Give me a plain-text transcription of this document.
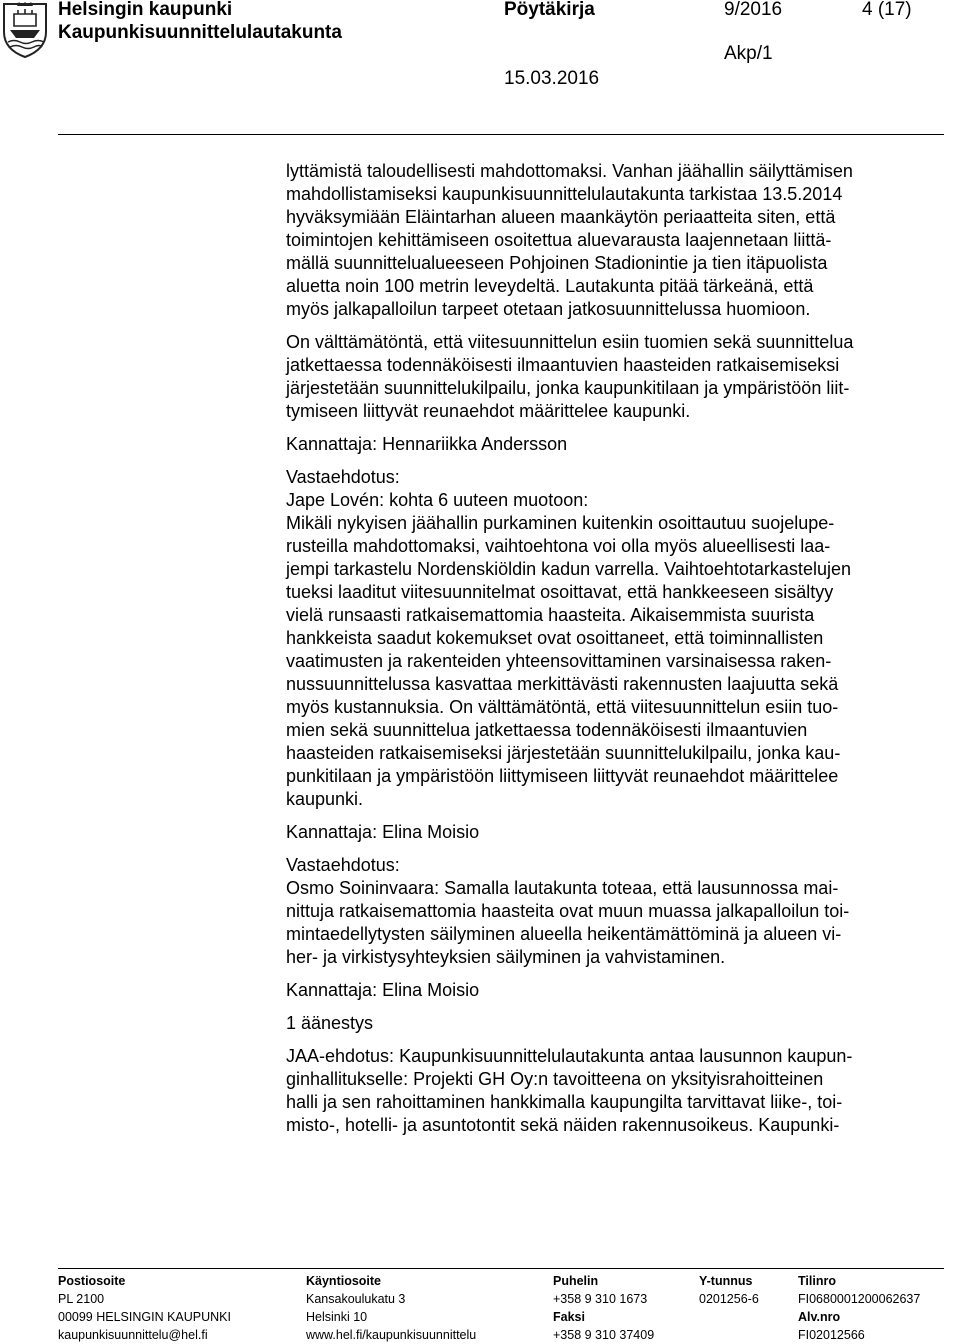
Helsingin kaupunki
Kaupunkisuunnittelulautakunta
Pöytäkirja	9/2016	4 (17)
Akp/1
15.03.2016

lyttämistä taloudellisesti mahdottomaksi. Vanhan jäähallin säilyttämisen
mahdollistamiseksi kaupunkisuunnittelulautakunta tarkistaa 13.5.2014
hyväksymiään Eläintarhan alueen maankäytön periaatteita siten, että
toimintojen kehittämiseen osoitettua aluevarausta laajennetaan liittä-
mällä suunnittelualueeseen Pohjoinen Stadionintie ja tien itäpuolista
aluetta noin 100 metrin leveydeltä. Lautakunta pitää tärkeänä, että
myös jalkapalloilun tarpeet otetaan jatkosuunnittelussa huomioon.

On välttämätöntä, että viitesuunnittelun esiin tuomien sekä suunnittelua
jatkettaessa todennäköisesti ilmaantuvien haasteiden ratkaisemiseksi
järjestetään suunnittelukilpailu, jonka kaupunkitilaan ja ympäristöön liit-
tymiseen liittyvät reunaehdot määrittelee kaupunki.

Kannattaja: Hennariikka Andersson

Vastaehdotus:
Jape Lovén: kohta 6 uuteen muotoon:
Mikäli nykyisen jäähallin purkaminen kuitenkin osoittautuu suojelupe-
rusteilla mahdottomaksi, vaihtoehtona voi olla myös alueellisesti laa-
jempi tarkastelu Nordenskiöldin kadun varrella. Vaihtoehtotarkastelujen
tueksi laaditut viitesuunnitelmat osoittavat, että hankkeeseen sisältyy
vielä runsaasti ratkaisemattomia haasteita. Aikaisemmista suurista
hankkeista saadut kokemukset ovat osoittaneet, että toiminnallisten
vaatimusten ja rakenteiden yhteensovittaminen varsinaisessa raken-
nussuunnittelussa kasvattaa merkittävästi rakennusten laajuutta sekä
myös kustannuksia. On välttämätöntä, että viitesuunnittelun esiin tuo-
mien sekä suunnittelua jatkettaessa todennäköisesti ilmaantuvien
haasteiden ratkaisemiseksi järjestetään suunnittelukilpailu, jonka kau-
punkitilaan ja ympäristöön liittymiseen liittyvät reunaehdot määrittelee
kaupunki.

Kannattaja: Elina Moisio

Vastaehdotus:
Osmo Soininvaara: Samalla lautakunta toteaa, että lausunnossa mai-
nittuja ratkaisemattomia haasteita ovat muun muassa jalkapalloilun toi-
mintaedellytysten säilyminen alueella heikentämättöminä ja alueen vi-
her- ja virkistysyhteyksien säilyminen ja vahvistaminen.

Kannattaja: Elina Moisio

1 äänestys

JAA-ehdotus: Kaupunkisuunnittelulautakunta antaa lausunnon kaupun-
ginhallitukselle: Projekti GH Oy:n tavoitteena on yksityisrahoitteinen
halli ja sen rahoittaminen hankkimalla kaupungilta tarvittavat liike-, toi-
misto-, hotelli- ja asuntotontit sekä näiden rakennusoikeus. Kaupunki-

Postiosoite
PL 2100
00099 HELSINGIN KAUPUNKI
kaupunkisuunnittelu@hel.fi
Käyntiosoite
Kansakoulukatu 3
Helsinki 10
www.hel.fi/kaupunkisuunnittelu
Puhelin
+358 9 310 1673
Faksi
+358 9 310 37409
Y-tunnus
0201256-6
Tilinro
FI0680001200062637
Alv.nro
FI02012566
